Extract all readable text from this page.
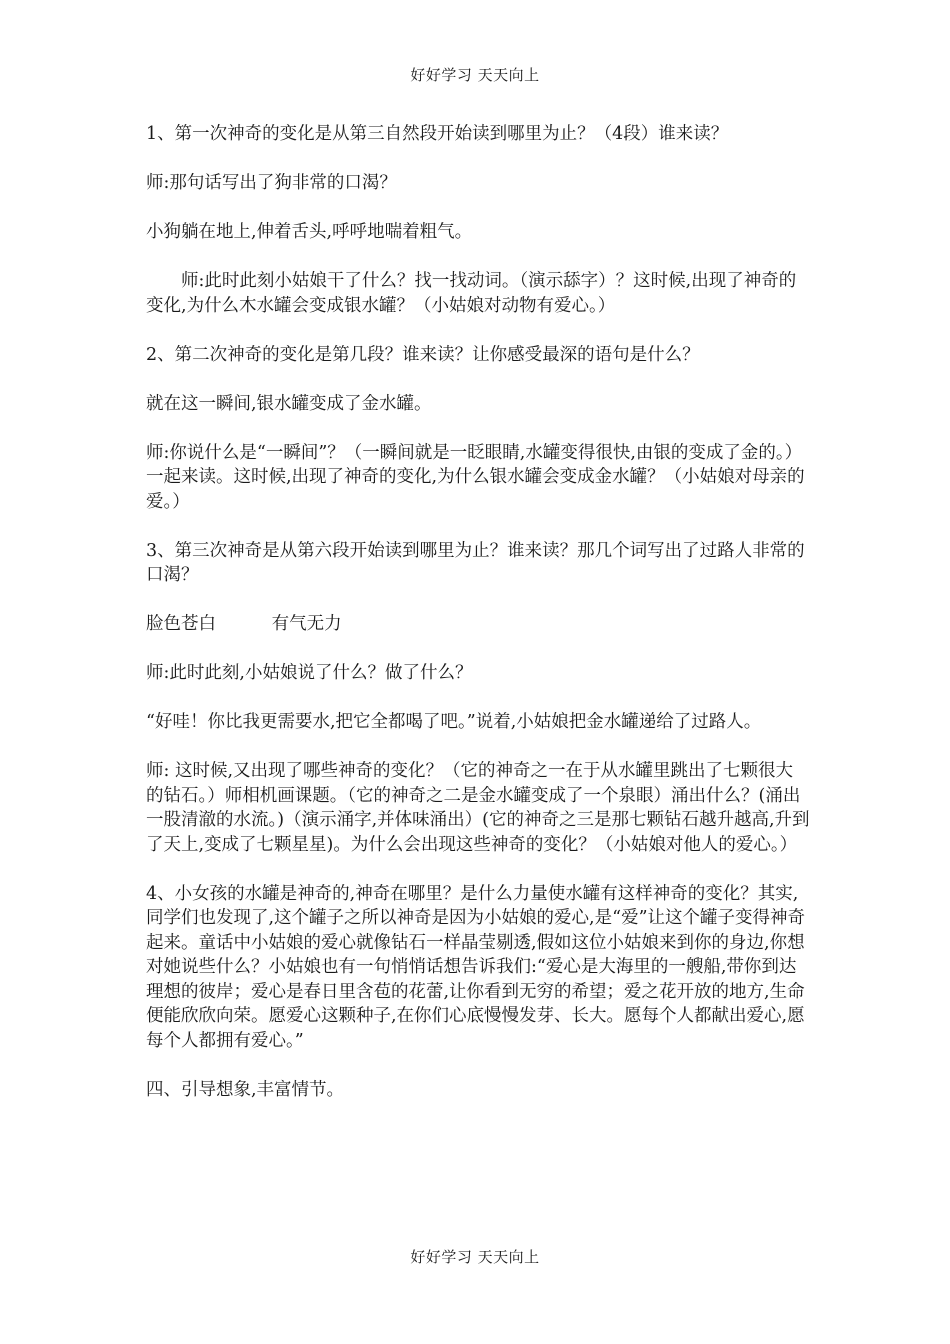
好好学习 天天向上

1、第一次神奇的变化是从第三自然段开始读到哪里为止？（4段）谁来读？

师:那句话写出了狗非常的口渴？

小狗躺在地上,伸着舌头,呼呼地喘着粗气。

师:此时此刻小姑娘干了什么？找一找动词。（演示舔字）？这时候,出现了神奇的变化,为什么木水罐会变成银水罐？（小姑娘对动物有爱心。）

2、第二次神奇的变化是第几段？谁来读？让你感受最深的语句是什么？

就在这一瞬间,银水罐变成了金水罐。

师:你说什么是“一瞬间”？（一瞬间就是一眨眼睛,水罐变得很快,由银的变成了金的。）一起来读。这时候,出现了神奇的变化,为什么银水罐会变成金水罐？（小姑娘对母亲的爱。）

3、第三次神奇是从第六段开始读到哪里为止？谁来读？那几个词写出了过路人非常的口渴？

脸色苍白          有气无力

师:此时此刻,小姑娘说了什么？做了什么？

“好哇！你比我更需要水,把它全都喝了吧。”说着,小姑娘把金水罐递给了过路人。

师: 这时候,又出现了哪些神奇的变化？（它的神奇之一在于从水罐里跳出了七颗很大的钻石。）师相机画课题。（它的神奇之二是金水罐变成了一个泉眼）涌出什么？(涌出一股清澈的水流。)（演示涌字,并体味涌出）(它的神奇之三是那七颗钻石越升越高,升到了天上,变成了七颗星星)。为什么会出现这些神奇的变化？（小姑娘对他人的爱心。）

4、小女孩的水罐是神奇的,神奇在哪里？是什么力量使水罐有这样神奇的变化？其实,同学们也发现了,这个罐子之所以神奇是因为小姑娘的爱心,是“爱”让这个罐子变得神奇起来。童话中小姑娘的爱心就像钻石一样晶莹剔透,假如这位小姑娘来到你的身边,你想对她说些什么？小姑娘也有一句悄悄话想告诉我们:“爱心是大海里的一艘船,带你到达理想的彼岸；爱心是春日里含苞的花蕾,让你看到无穷的希望；爱之花开放的地方,生命便能欣欣向荣。愿爱心这颗种子,在你们心底慢慢发芽、长大。愿每个人都献出爱心,愿每个人都拥有爱心。”

四、引导想象,丰富情节。

好好学习 天天向上
